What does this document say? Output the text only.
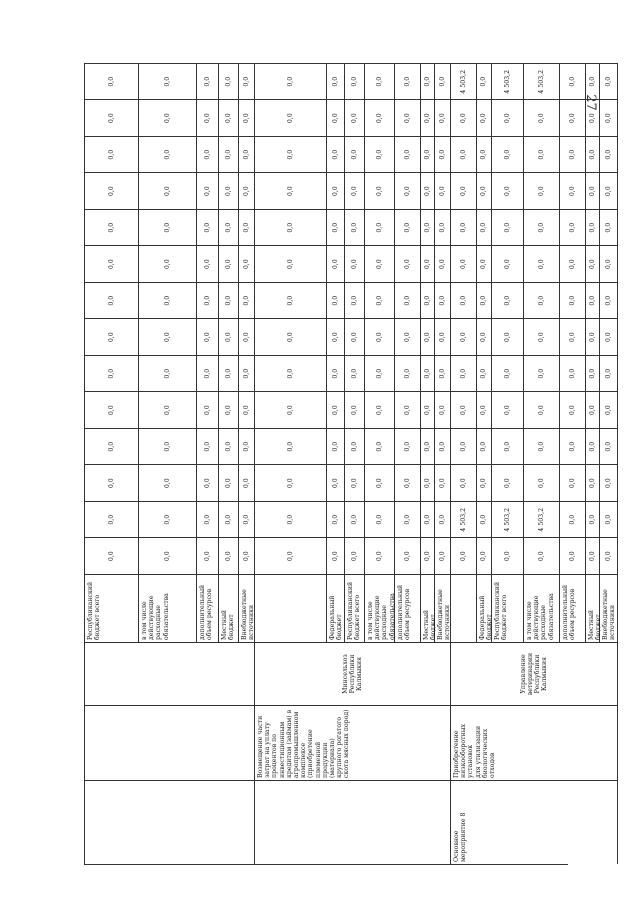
27
Республиканский
бюджет всего
0,0
0,0
0,0
0,0
0,0
0,0
0,0
0,0
0,0
0,0
0,0
0,0
0,0
0,0
в том числе
действующие
расходные
обязательства
0,0
0,0
0,0
0,0
0,0
0,0
0,0
0,0
0,0
0,0
0,0
0,0
0,0
0,0
дополнительный
объем ресурсов
0,0
0,0
0,0
0,0
0,0
0,0
0,0
0,0
0,0
0,0
0,0
0,0
0,0
0,0
Местный
бюджет
0,0
0,0
0,0
0,0
0,0
0,0
0,0
0,0
0,0
0,0
0,0
0,0
0,0
0,0
Внебюджетные
источники
0,0
0,0
0,0
0,0
0,0
0,0
0,0
0,0
0,0
0,0
0,0
0,0
0,0
0,0
Возмещение части затрат на уплату процентов по инвестиционным кредитам (займам) в агропромышленном комплексе (приобретение племенной продукции (материала) крупного рогатого скота мясных пород)
Минсельхоз Республики Калмыкия
0,0
0,0
0,0
0,0
0,0
0,0
0,0
0,0
0,0
0,0
0,0
0,0
0,0
0,0
Федеральный
бюджет
0,0
0,0
0,0
0,0
0,0
0,0
0,0
0,0
0,0
0,0
0,0
0,0
0,0
0,0
Республиканский
бюджет всего
0,0
0,0
0,0
0,0
0,0
0,0
0,0
0,0
0,0
0,0
0,0
0,0
0,0
0,0
в том числе
действующие
расходные
обязательства
0,0
0,0
0,0
0,0
0,0
0,0
0,0
0,0
0,0
0,0
0,0
0,0
0,0
0,0
дополнительный
объем ресурсов
0,0
0,0
0,0
0,0
0,0
0,0
0,0
0,0
0,0
0,0
0,0
0,0
0,0
0,0
Местный
бюджет
0,0
0,0
0,0
0,0
0,0
0,0
0,0
0,0
0,0
0,0
0,0
0,0
0,0
0,0
Внебюджетные
источники
0,0
0,0
0,0
0,0
0,0
0,0
0,0
0,0
0,0
0,0
0,0
0,0
0,0
0,0
Основное
мероприятие 8
Приобретение
низкооборотных установок
для утилизации
биологических отходов
Управление
ветеринарии
Республики
Калмыкия
0,0
4 503,2
0,0
0,0
0,0
0,0
0,0
0,0
0,0
0,0
0,0
0,0
0,0
4 503,2
Федеральный
бюджет
0,0
0,0
0,0
0,0
0,0
0,0
0,0
0,0
0,0
0,0
0,0
0,0
0,0
0,0
Республиканский
бюджет всего
0,0
4 503,2
0,0
0,0
0,0
0,0
0,0
0,0
0,0
0,0
0,0
0,0
0,0
4 503,2
в том числе
действующие
расходные
обязательства
0,0
4 503,2
0,0
0,0
0,0
0,0
0,0
0,0
0,0
0,0
0,0
0,0
0,0
4 503,2
дополнительный
объем ресурсов
0,0
0,0
0,0
0,0
0,0
0,0
0,0
0,0
0,0
0,0
0,0
0,0
0,0
0,0
Местный
бюджет
0,0
0,0
0,0
0,0
0,0
0,0
0,0
0,0
0,0
0,0
0,0
0,0
0,0
0,0
Внебюджетные
источники
0,0
0,0
0,0
0,0
0,0
0,0
0,0
0,0
0,0
0,0
0,0
0,0
0,0
0,0
